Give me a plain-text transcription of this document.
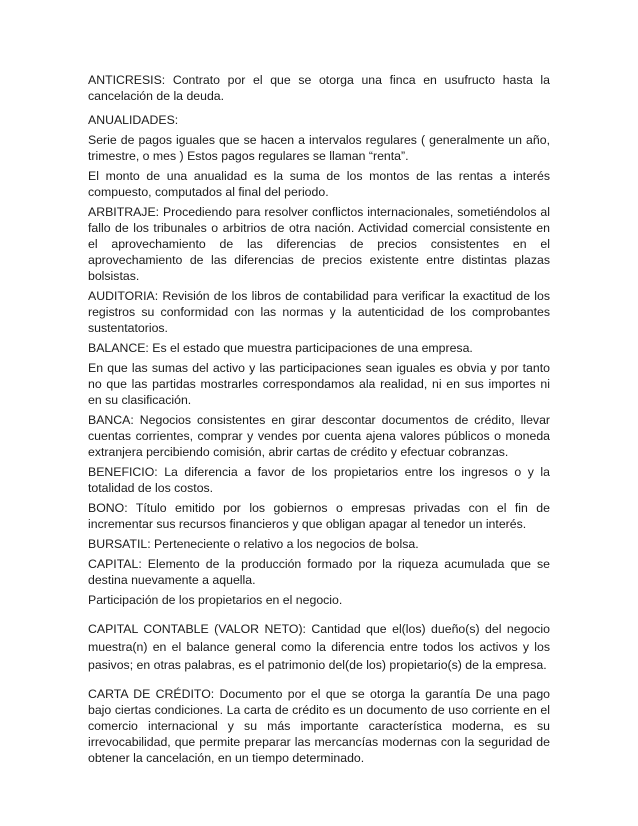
ANTICRESIS: Contrato por el que se otorga una finca en usufructo hasta la cancelación de la deuda.

ANUALIDADES:

Serie de pagos iguales que se hacen a intervalos regulares ( generalmente un año, trimestre, o mes ) Estos pagos regulares se llaman “renta”.

El monto de una anualidad es la suma de los montos de las rentas a interés compuesto, computados al final del periodo.

ARBITRAJE: Procediendo para resolver conflictos internacionales, sometiéndolos al fallo de los tribunales o arbitrios de otra nación. Actividad comercial consistente en el aprovechamiento de las diferencias de precios consistentes en el aprovechamiento de las diferencias de precios existente entre distintas plazas bolsistas.

AUDITORIA: Revisión de los libros de contabilidad para verificar la exactitud de los registros su conformidad con las normas y la autenticidad de los comprobantes sustentatorios.

BALANCE: Es el estado que muestra participaciones de una empresa.

En que las sumas del activo y las participaciones sean iguales es obvia y por tanto no que las partidas mostrarles correspondamos ala realidad, ni en sus importes ni en su clasificación.

BANCA: Negocios consistentes en girar descontar documentos de crédito, llevar cuentas corrientes, comprar y vendes por cuenta ajena valores públicos o moneda extranjera percibiendo comisión, abrir cartas de crédito y efectuar cobranzas.

BENEFICIO: La diferencia a favor de los propietarios entre los ingresos o y la totalidad de los costos.

BONO: Título emitido por los gobiernos o empresas privadas con el fin de incrementar sus recursos financieros y que obligan apagar al tenedor un interés.

BURSATIL: Perteneciente o relativo a los negocios de bolsa.

CAPITAL: Elemento de la producción formado por la riqueza acumulada que se destina nuevamente a aquella.

Participación de los propietarios en el negocio.

CAPITAL CONTABLE (VALOR NETO): Cantidad que el(los) dueño(s) del negocio muestra(n) en el balance general como la diferencia entre todos los activos y los pasivos; en otras palabras, es el patrimonio del(de los) propietario(s) de la empresa.

CARTA DE CRÉDITO: Documento por el que se otorga la garantía De una pago bajo ciertas condiciones. La carta de crédito es un documento de uso corriente en el comercio internacional y su más importante característica moderna, es su irrevocabilidad, que permite preparar las mercancías modernas con la seguridad de obtener la cancelación, en un tiempo determinado.
